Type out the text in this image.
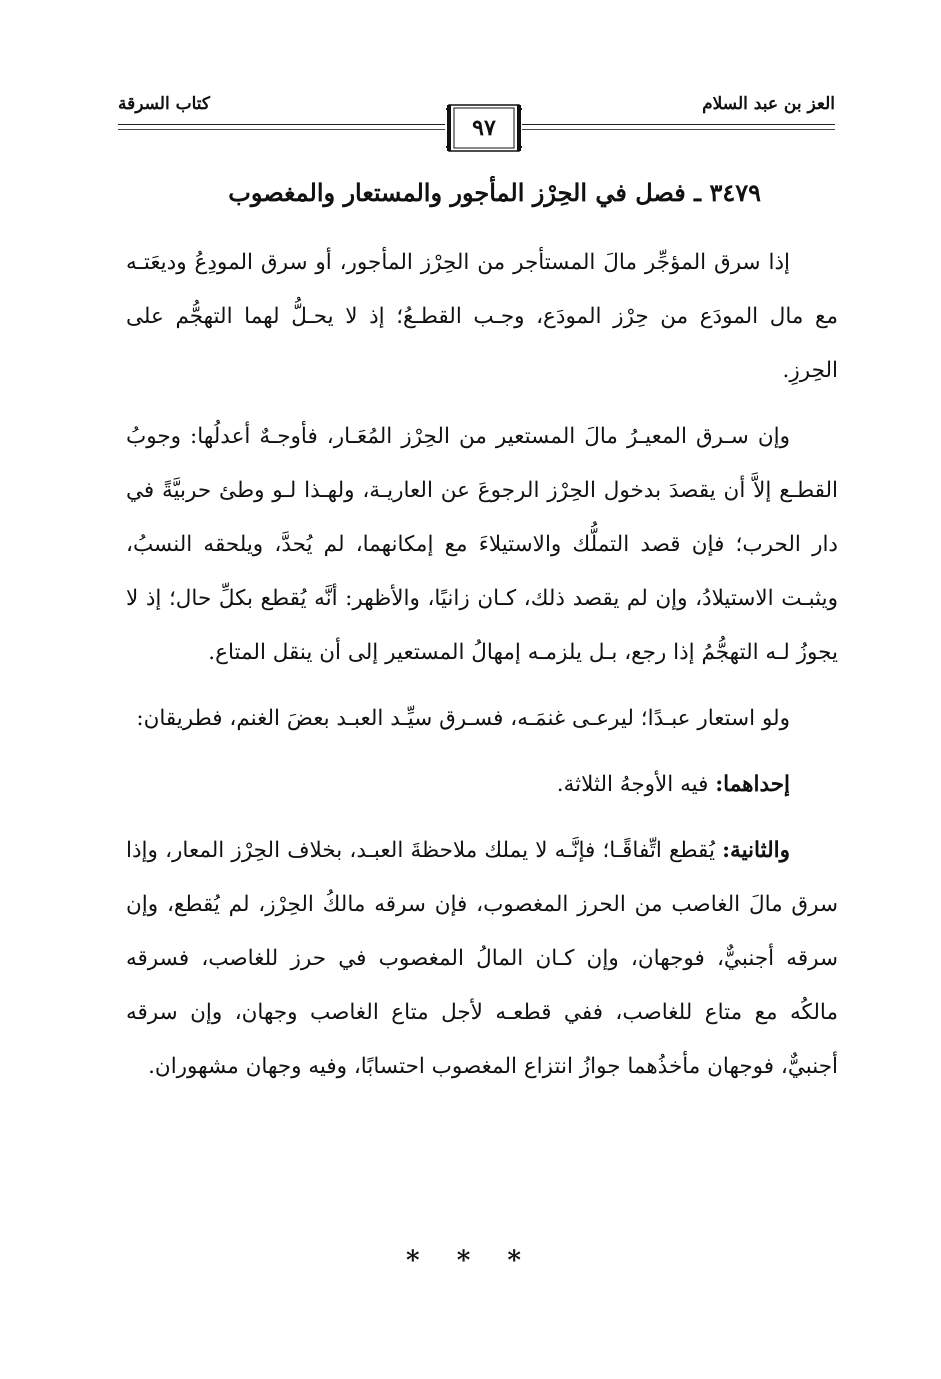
العز بن عبد السلام
كتاب السرقة
٩٧
٣٤٧٩ ـ فصل في الحِرْز المأجور والمستعار والمغصوب

إذا سرق المؤجِّر مالَ المستأجر من الحِرْز المأجور، أو سرق المودِعُ وديعَتـه مع مال المودَع من حِرْز المودَع، وجـب القطـعُ؛ إذ لا يحـلُّ لهما التهجُّم على الحِرزِ.

وإن سـرق المعيـرُ مالَ المستعير من الحِرْز المُعَـار، فأوجـهٌ أعدلُها: وجوبُ القطـع إلاَّ أن يقصدَ بدخول الحِرْز الرجوعَ عن العاريـة، ولهـذا لـو وطئ حربيَّةً في دار الحرب؛ فإن قصد التملُّك والاستيلاءَ مع إمكانهما، لم يُحدَّ، ويلحقه النسبُ، ويثبـت الاستيلادُ، وإن لم يقصد ذلك، كـان زانيًا، والأظهر: أنَّه يُقطع بكلِّ حال؛ إذ لا يجوزُ لـه التهجُّمُ إذا رجع، بـل يلزمـه إمهالُ المستعير إلى أن ينقل المتاع.

ولو استعار عبـدًا؛ ليرعـى غنمَـه، فسـرق سيِّـد العبـد بعضَ الغنم، فطريقان:

إحداهما: فيه الأوجهُ الثلاثة.

والثانية: يُقطع اتِّفاقًـا؛ فإنَّـه لا يملك ملاحظةَ العبـد، بخلاف الحِرْز المعار، وإذا سرق مالَ الغاصب من الحرز المغصوب، فإن سرقه مالكُ الحِرْز، لم يُقطع، وإن سرقه أجنبيٌّ، فوجهان، وإن كـان المالُ المغصوب في حرز للغاصب، فسرقه مالكُه مع متاع للغاصب، ففي قطعـه لأجل متاع الغاصب وجهان، وإن سرقه أجنبيٌّ، فوجهان مأخذُهما جوازُ انتزاع المغصوب احتسابًا، وفيه وجهان مشهوران.

* * *
